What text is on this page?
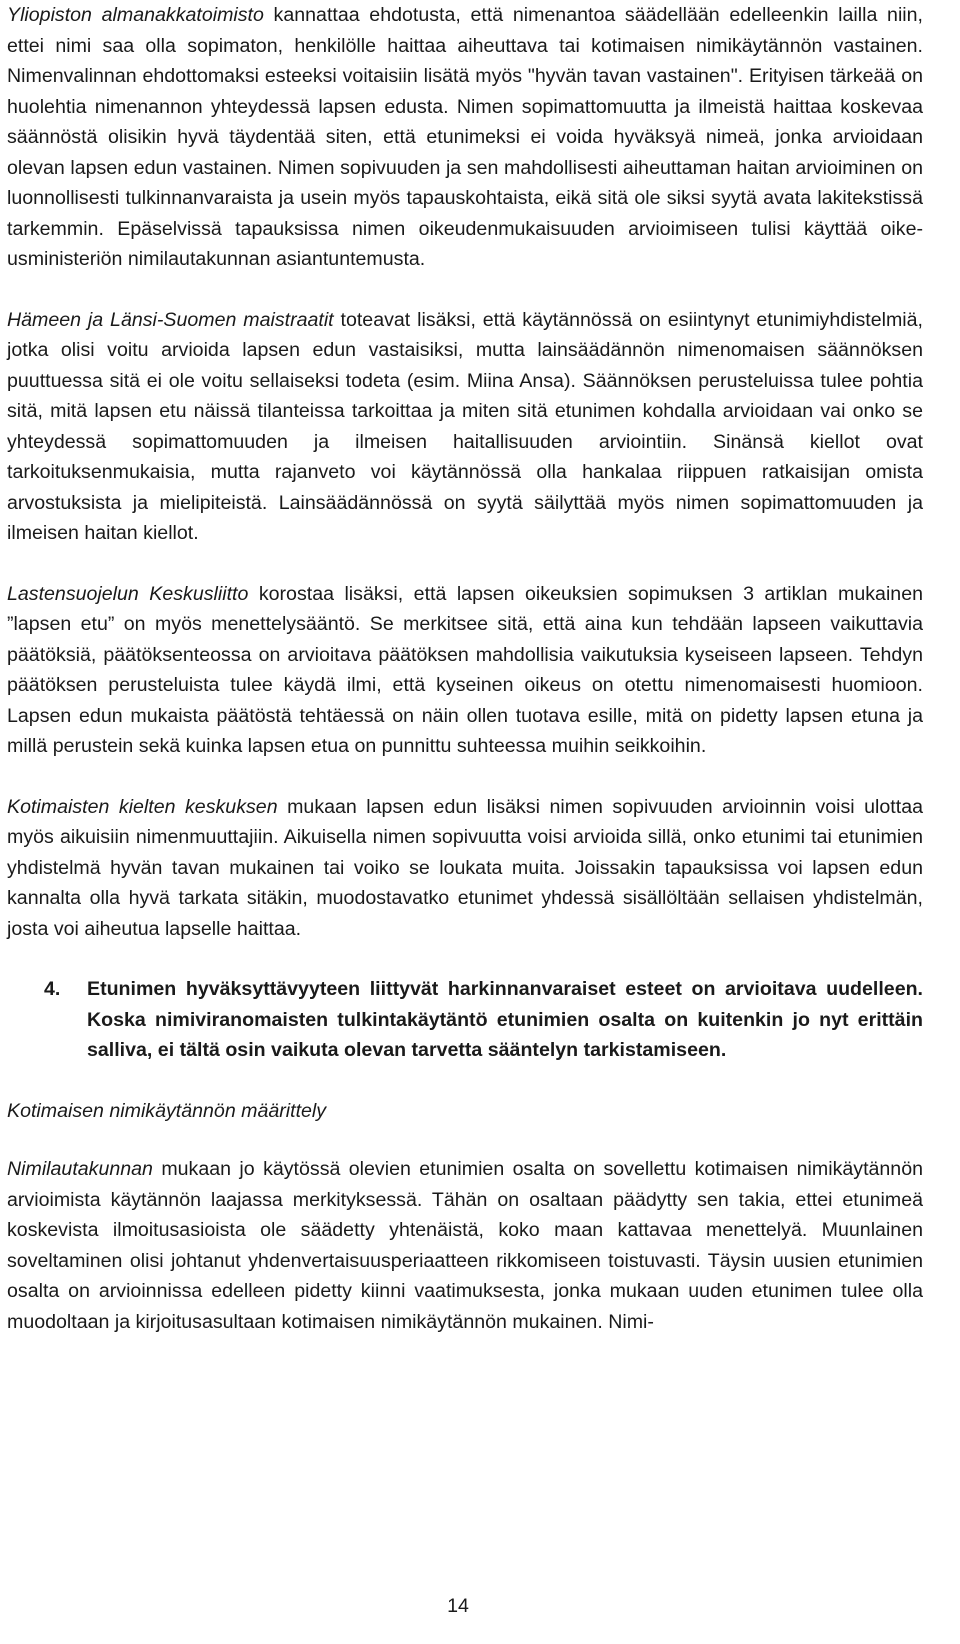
Yliopiston almanakkatoimisto kannattaa ehdotusta, että nimenantoa säädellään edelleenkin lailla niin, ettei nimi saa olla sopimaton, henkilölle haittaa aiheuttava tai kotimaisen nimikäytännön vastainen. Nimenvalinnan ehdottomaksi esteeksi voitaisiin lisätä myös "hyvän tavan vastainen". Erityisen tärkeää on huolehtia nimenannon yhteydessä lapsen edusta. Nimen sopimattomuutta ja ilmeistä haittaa koskevaa säännöstä olisikin hyvä täydentää siten, että etunimeksi ei voida hyväksyä nimeä, jonka arvioidaan olevan lapsen edun vastainen. Nimen sopivuuden ja sen mahdollisesti aiheuttaman haitan arvioiminen on luonnollisesti tulkinnanvaraista ja usein myös tapauskohtaista, eikä sitä ole siksi syytä avata lakitekstissä tarkemmin. Epäselvissä tapauksissa nimen oikeudenmukaisuuden arvioimiseen tulisi käyttää oikeusministeriön nimilautakunnan asiantuntemusta.

Hämeen ja Länsi-Suomen maistraatit toteavat lisäksi, että käytännössä on esiintynyt etunimiyhdistelmiä, jotka olisi voitu arvioida lapsen edun vastaisiksi, mutta lainsäädännön nimenomaisen säännöksen puuttuessa sitä ei ole voitu sellaiseksi todeta (esim. Miina Ansa). Säännöksen perusteluissa tulee pohtia sitä, mitä lapsen etu näissä tilanteissa tarkoittaa ja miten sitä etunimen kohdalla arvioidaan vai onko se yhteydessä sopimattomuuden ja ilmeisen haitallisuuden arviointiin. Sinänsä kiellot ovat tarkoituksenmukaisia, mutta rajanveto voi käytännössä olla hankalaa riippuen ratkaisijan omista arvostuksista ja mielipiteistä. Lainsäädännössä on syytä säilyttää myös nimen sopimattomuuden ja ilmeisen haitan kiellot.

Lastensuojelun Keskusliitto korostaa lisäksi, että lapsen oikeuksien sopimuksen 3 artiklan mukainen ”lapsen etu” on myös menettelysääntö. Se merkitsee sitä, että aina kun tehdään lapseen vaikuttavia päätöksiä, päätöksenteossa on arvioitava päätöksen mahdollisia vaikutuksia kyseiseen lapseen. Tehdyn päätöksen perusteluista tulee käydä ilmi, että kyseinen oikeus on otettu nimenomaisesti huomioon. Lapsen edun mukaista päätöstä tehtäessä on näin ollen tuotava esille, mitä on pidetty lapsen etuna ja millä perustein sekä kuinka lapsen etua on punnittu suhteessa muihin seikkoihin.

Kotimaisten kielten keskuksen mukaan lapsen edun lisäksi nimen sopivuuden arvioinnin voisi ulottaa myös aikuisiin nimenmuuttajiin. Aikuisella nimen sopivuutta voisi arvioida sillä, onko etunimi tai etunimien yhdistelmä hyvän tavan mukainen tai voiko se loukata muita. Joissakin tapauksissa voi lapsen edun kannalta olla hyvä tarkata sitäkin, muodostavatko etunimet yhdessä sisällöltään sellaisen yhdistelmän, josta voi aiheutua lapselle haittaa.

4.	Etunimen hyväksyttävyyteen liittyvät harkinnanvaraiset esteet on arvioitava uudelleen. Koska nimiviranomaisten tulkintakäytäntö etunimien osalta on kuitenkin jo nyt erittäin salliva, ei tältä osin vaikuta olevan tarvetta sääntelyn tarkistamiseen.

Kotimaisen nimikäytännön määrittely

Nimilautakunnan mukaan jo käytössä olevien etunimien osalta on sovellettu kotimaisen nimikäytännön arvioimista käytännön laajassa merkityksessä. Tähän on osaltaan päädytty sen takia, ettei etunimeä koskevista ilmoitusasioista ole säädetty yhtenäistä, koko maan kattavaa menettelyä. Muunlainen soveltaminen olisi johtanut yhdenvertaisuusperiaatteen rikkomiseen toistuvasti. Täysin uusien etunimien osalta on arvioinnissa edelleen pidetty kiinni vaatimuksesta, jonka mukaan uuden etunimen tulee olla muodoltaan ja kirjoitusasultaan kotimaisen nimikäytännön mukainen. Nimi-

14
